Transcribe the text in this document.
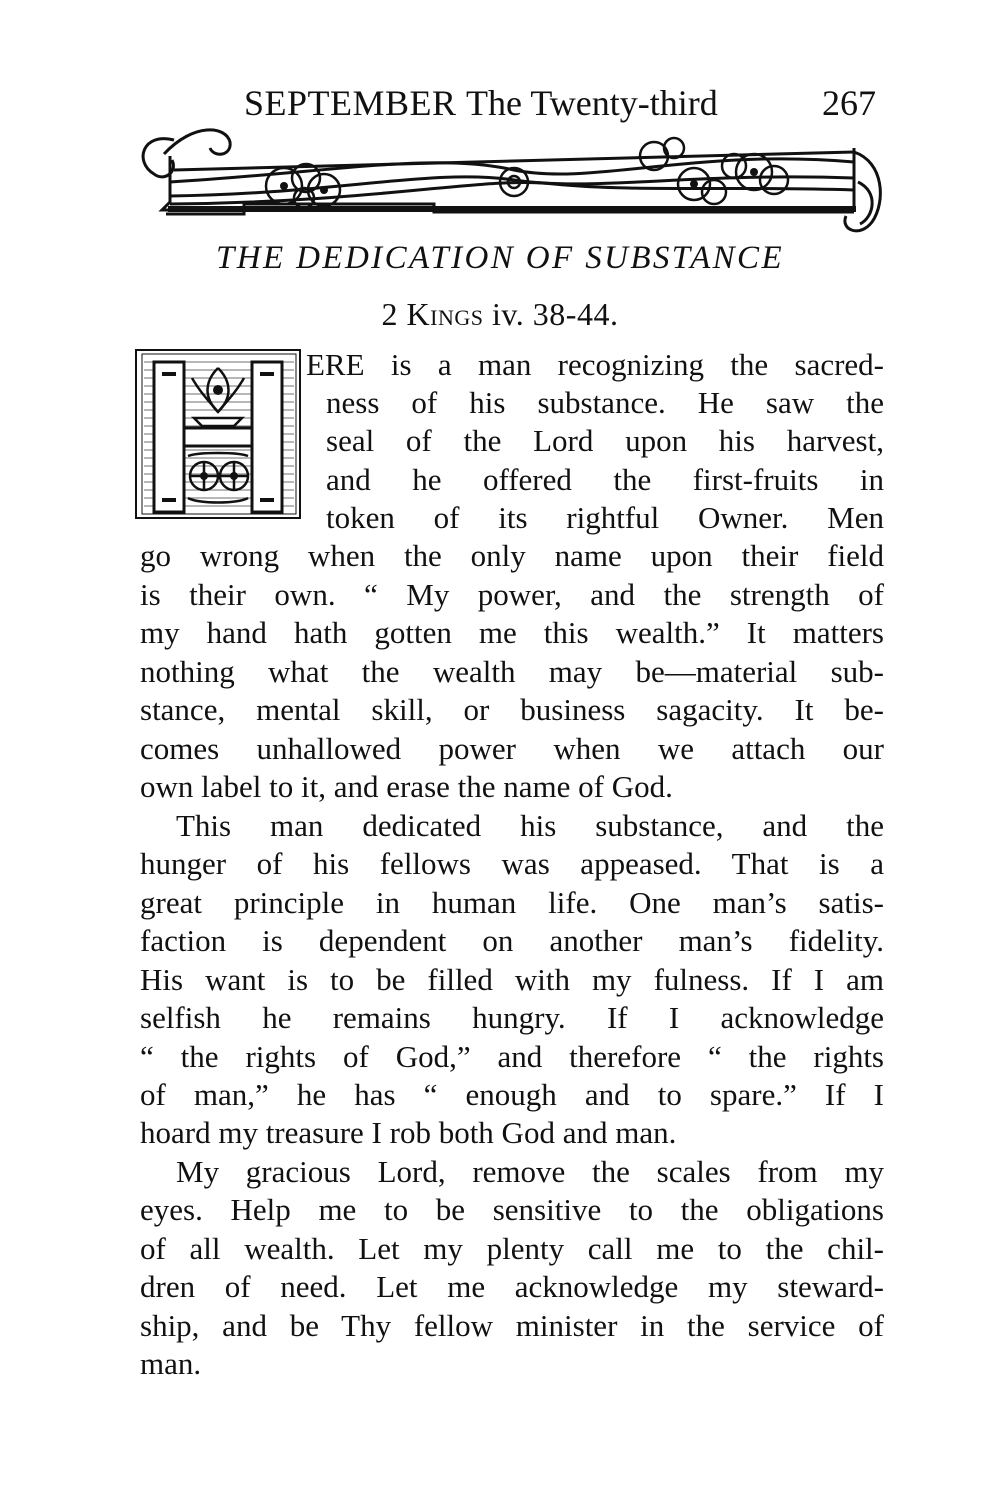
SEPTEMBER The Twenty-third	267
THE DEDICATION OF SUBSTANCE
2 Kings iv. 38-44.
ERE is a man recognizing the sacred-
ness of his substance. He saw the
seal of the Lord upon his harvest,
and he offered the first-fruits in
token of its rightful Owner. Men
go wrong when the only name upon their field
is their own. “ My power, and the strength of
my hand hath gotten me this wealth.” It matters
nothing what the wealth may be—material sub-
stance, mental skill, or business sagacity. It be-
comes unhallowed power when we attach our
own label to it, and erase the name of God.
This man dedicated his substance, and the
hunger of his fellows was appeased. That is a
great principle in human life. One man’s satis-
faction is dependent on another man’s fidelity.
His want is to be filled with my fulness. If I am
selfish he remains hungry. If I acknowledge
“ the rights of God,” and therefore “ the rights
of man,” he has “ enough and to spare.” If I
hoard my treasure I rob both God and man.
My gracious Lord, remove the scales from my
eyes. Help me to be sensitive to the obligations
of all wealth. Let my plenty call me to the chil-
dren of need. Let me acknowledge my steward-
ship, and be Thy fellow minister in the service of
man.
